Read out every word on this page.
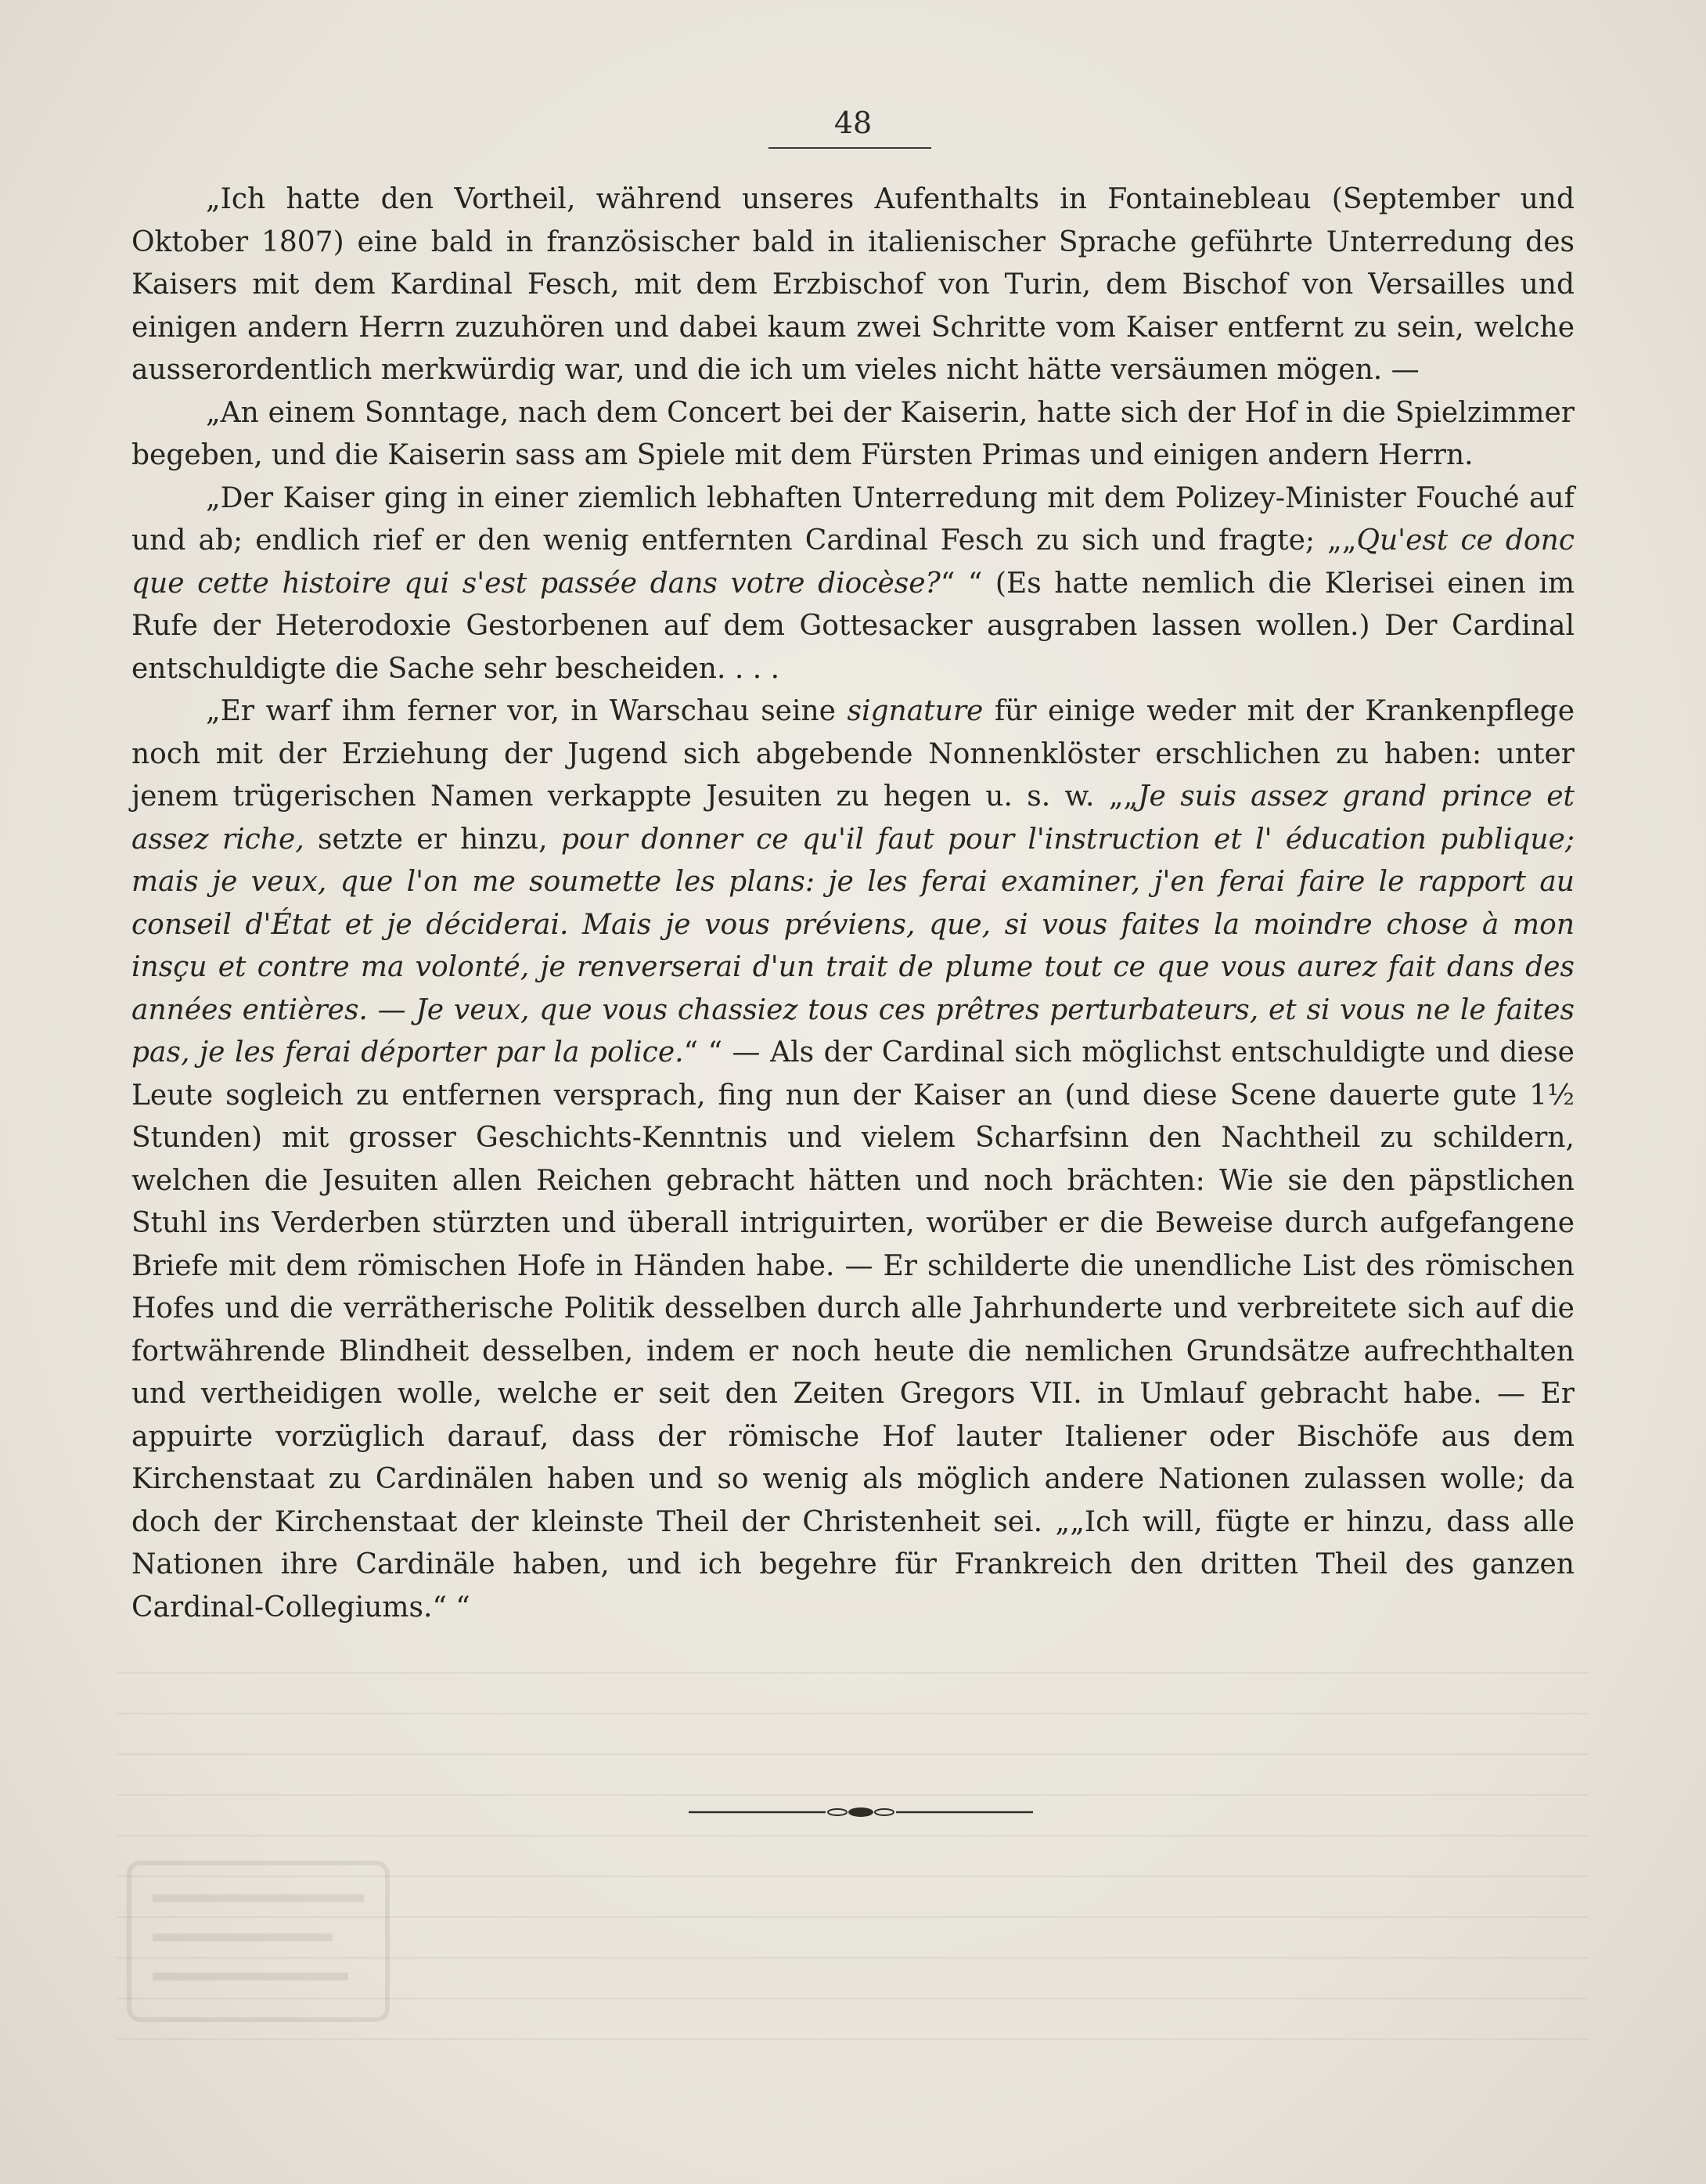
48

„Ich hatte den Vortheil, während unseres Aufenthalts in Fontainebleau (September und Oktober 1807) eine bald in französischer bald in italienischer Sprache geführte Unterredung des Kaisers mit dem Kardinal Fesch, mit dem Erzbischof von Turin, dem Bischof von Versailles und einigen andern Herrn zuzuhören und dabei kaum zwei Schritte vom Kaiser entfernt zu sein, welche ausserordentlich merkwürdig war, und die ich um vieles nicht hätte versäumen mögen. —

„An einem Sonntage, nach dem Concert bei der Kaiserin, hatte sich der Hof in die Spielzimmer begeben, und die Kaiserin sass am Spiele mit dem Fürsten Primas und einigen andern Herrn.

„Der Kaiser ging in einer ziemlich lebhaften Unterredung mit dem Polizey-Minister Fouché auf und ab; endlich rief er den wenig entfernten Cardinal Fesch zu sich und fragte; „„Qu'est ce donc que cette histoire qui s'est passée dans votre diocèse?“ “ (Es hatte nemlich die Klerisei einen im Rufe der Heterodoxie Gestorbenen auf dem Gottesacker ausgraben lassen wollen.) Der Cardinal entschuldigte die Sache sehr bescheiden. . . .

„Er warf ihm ferner vor, in Warschau seine signature für einige weder mit der Krankenpflege noch mit der Erziehung der Jugend sich abgebende Nonnenklöster erschlichen zu haben: unter jenem trügerischen Namen verkappte Jesuiten zu hegen u. s. w. „„Je suis assez grand prince et assez riche, setzte er hinzu, pour donner ce qu'il faut pour l'instruction et l' éducation publique; mais je veux, que l'on me soumette les plans: je les ferai examiner, j'en ferai faire le rapport au conseil d'État et je déciderai. Mais je vous préviens, que, si vous faites la moindre chose à mon insçu et contre ma volonté, je renverserai d'un trait de plume tout ce que vous aurez fait dans des années entières. — Je veux, que vous chassiez tous ces prêtres perturbateurs, et si vous ne le faites pas, je les ferai déporter par la police.“ “ — Als der Cardinal sich möglichst entschuldigte und diese Leute sogleich zu entfernen versprach, fing nun der Kaiser an (und diese Scene dauerte gute 1½ Stunden) mit grosser Geschichts-Kenntnis und vielem Scharfsinn den Nachtheil zu schildern, welchen die Jesuiten allen Reichen gebracht hätten und noch brächten: Wie sie den päpstlichen Stuhl ins Verderben stürzten und überall intriguirten, worüber er die Beweise durch aufgefangene Briefe mit dem römischen Hofe in Händen habe. — Er schilderte die unendliche List des römischen Hofes und die verrätherische Politik desselben durch alle Jahrhunderte und verbreitete sich auf die fortwährende Blindheit desselben, indem er noch heute die nemlichen Grundsätze aufrechthalten und vertheidigen wolle, welche er seit den Zeiten Gregors VII. in Umlauf gebracht habe. — Er appuirte vorzüglich darauf, dass der römische Hof lauter Italiener oder Bischöfe aus dem Kirchenstaat zu Cardinälen haben und so wenig als möglich andere Nationen zulassen wolle; da doch der Kirchenstaat der kleinste Theil der Christenheit sei. „„Ich will, fügte er hinzu, dass alle Nationen ihre Cardinäle haben, und ich begehre für Frankreich den dritten Theil des ganzen Cardinal-Collegiums.“ “
